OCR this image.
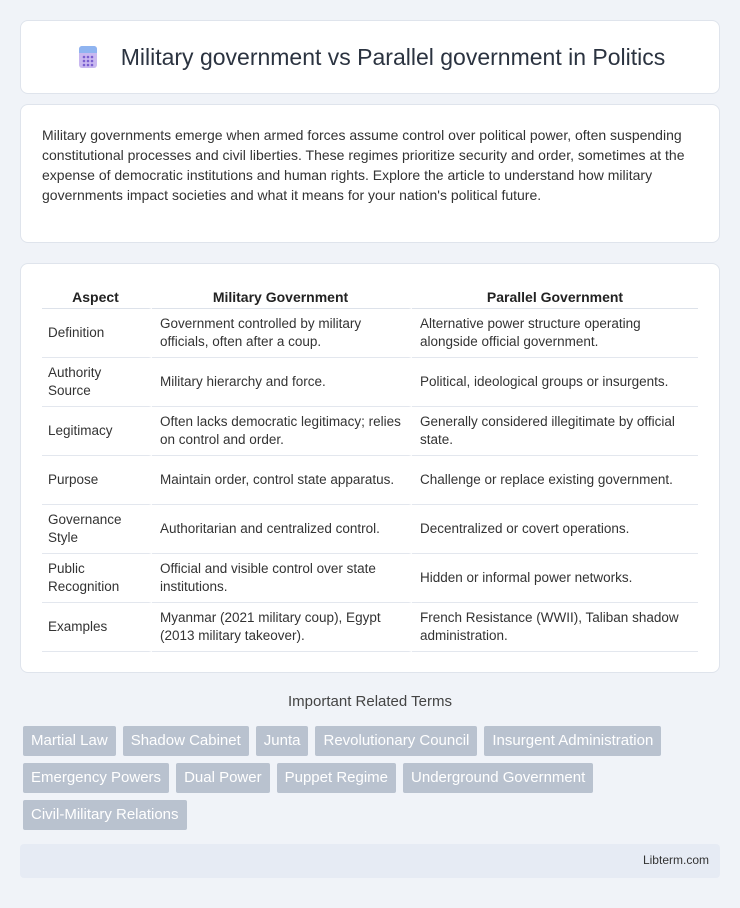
Military government vs Parallel government in Politics

Military governments emerge when armed forces assume control over political power, often suspending constitutional processes and civil liberties. These regimes prioritize security and order, sometimes at the expense of democratic institutions and human rights. Explore the article to understand how military governments impact societies and what it means for your nation's political future.

Aspect	Military Government	Parallel Government
Definition	Government controlled by military officials, often after a coup.	Alternative power structure operating alongside official government.
Authority Source	Military hierarchy and force.	Political, ideological groups or insurgents.
Legitimacy	Often lacks democratic legitimacy; relies on control and order.	Generally considered illegitimate by official state.
Purpose	Maintain order, control state apparatus.	Challenge or replace existing government.
Governance Style	Authoritarian and centralized control.	Decentralized or covert operations.
Public Recognition	Official and visible control over state institutions.	Hidden or informal power networks.
Examples	Myanmar (2021 military coup), Egypt (2013 military takeover).	French Resistance (WWII), Taliban shadow administration.
Important Related Terms
Martial Law	Shadow Cabinet	Junta	Revolutionary Council	Insurgent Administration
Emergency Powers	Dual Power	Puppet Regime	Underground Government
Civil-Military Relations
Libterm.com
